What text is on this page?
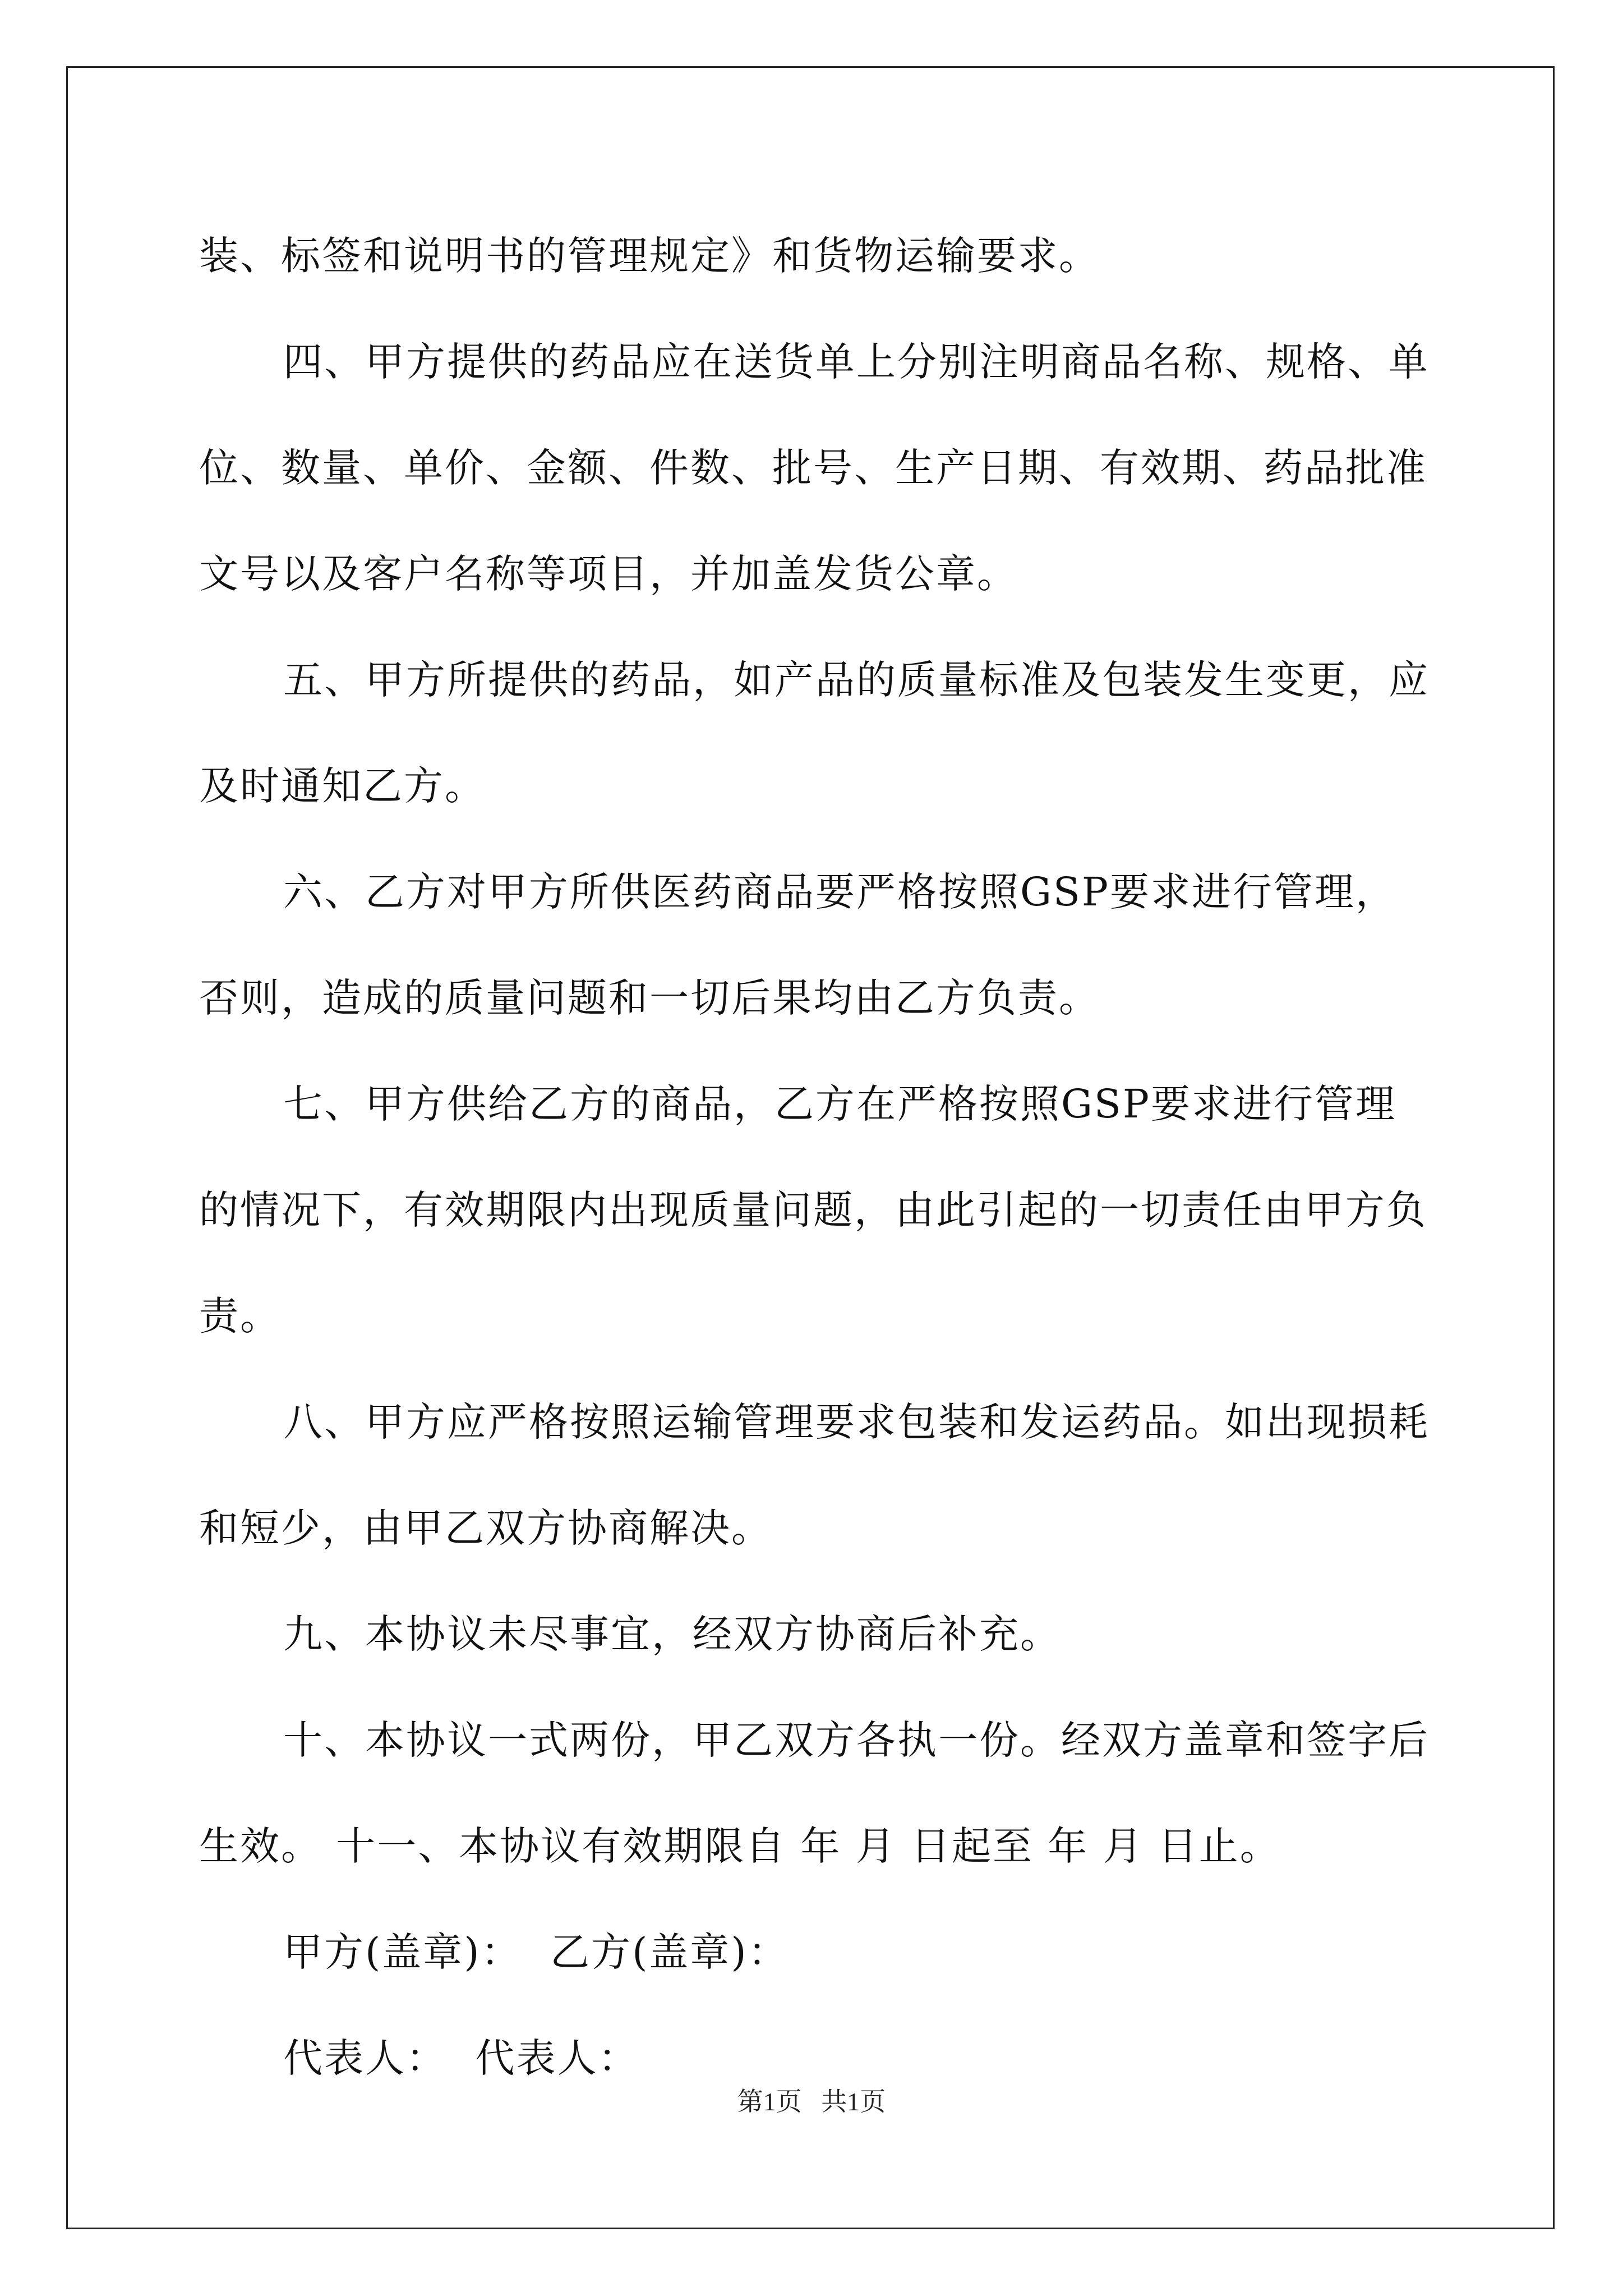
装、标签和说明书的管理规定》和货物运输要求。

四、甲方提供的药品应在送货单上分别注明商品名称、规格、单位、数量、单价、金额、件数、批号、生产日期、有效期、药品批准文号以及客户名称等项目，并加盖发货公章。

五、甲方所提供的药品，如产品的质量标准及包装发生变更，应及时通知乙方。

六、乙方对甲方所供医药商品要严格按照GSP要求进行管理，否则，造成的质量问题和一切后果均由乙方负责。

七、甲方供给乙方的商品，乙方在严格按照GSP要求进行管理的情况下，有效期限内出现质量问题，由此引起的一切责任由甲方负责。

八、甲方应严格按照运输管理要求包装和发运药品。如出现损耗和短少，由甲乙双方协商解决。

九、本协议未尽事宜，经双方协商后补充。

十、本协议一式两份，甲乙双方各执一份。经双方盖章和签字后生效。 十一、本协议有效期限自 年 月 日起至 年 月 日止。

甲方(盖章)：  乙方(盖章)：

代表人：  代表人：

第1页   共1页
